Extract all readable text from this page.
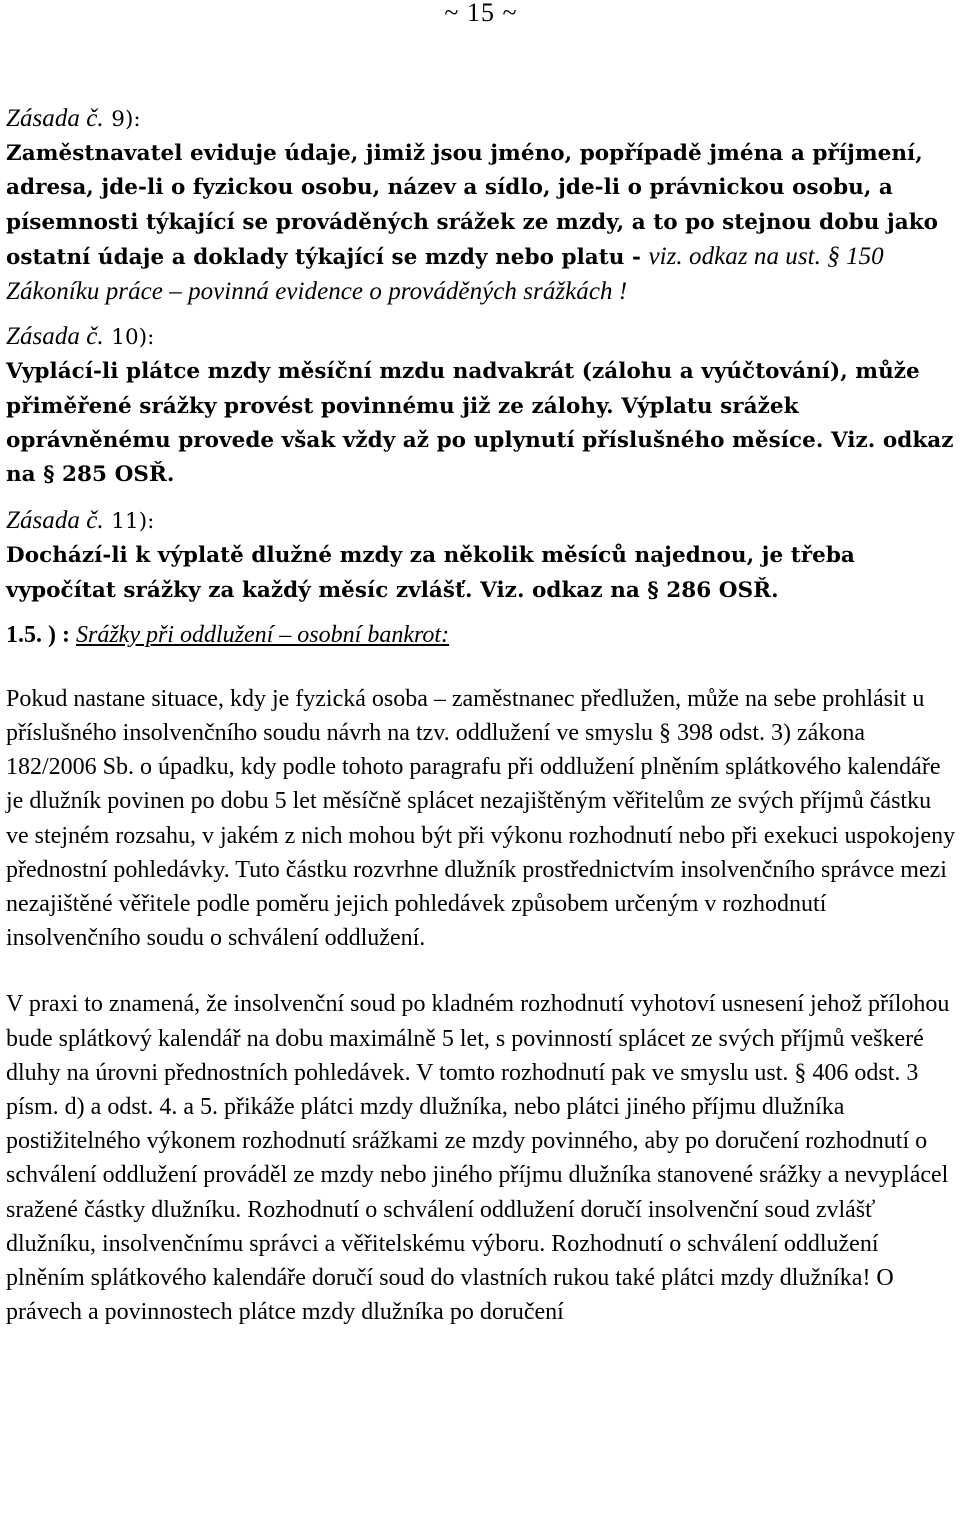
~ 15 ~
Zásada č. 9):
Zaměstnavatel eviduje údaje, jimiž jsou jméno, popřípadě jména a příjmení, adresa, jde-li o fyzickou osobu, název a sídlo, jde-li o právnickou osobu, a písemnosti týkající se prováděných srážek ze mzdy, a to po stejnou dobu jako ostatní údaje a doklady týkající se mzdy nebo platu - viz. odkaz na ust. § 150 Zákoníku práce – povinná evidence o prováděných srážkách !
Zásada č. 10):
Vyplácí-li plátce mzdy měsíční mzdu nadvakrát (zálohu a vyúčtování), může přiměřené srážky provést povinnému již ze zálohy. Výplatu srážek oprávněnému provede však vždy až po uplynutí příslušného měsíce. Viz. odkaz na § 285 OSŘ.
Zásada č. 11):
Dochází-li k výplatě dlužné mzdy za několik měsíců najednou, je třeba vypočítat srážky za každý měsíc zvlášť. Viz. odkaz na § 286 OSŘ.
1.5. ) : Srážky při oddlužení – osobní bankrot:

Pokud nastane situace, kdy je fyzická osoba – zaměstnanec předlužen, může na sebe prohlásit u příslušného insolvenčního soudu návrh na tzv. oddlužení ve smyslu § 398 odst. 3) zákona 182/2006 Sb. o úpadku, kdy podle tohoto paragrafu při oddlužení plněním splátkového kalendáře je dlužník povinen po dobu 5 let měsíčně splácet nezajištěným věřitelům ze svých příjmů částku ve stejném rozsahu, v jakém z nich mohou být při výkonu rozhodnutí nebo při exekuci uspokojeny přednostní pohledávky. Tuto částku rozvrhne dlužník prostřednictvím insolvenčního správce mezi nezajištěné věřitele podle poměru jejich pohledávek způsobem určeným v rozhodnutí insolvenčního soudu o schválení oddlužení.

V praxi to znamená, že insolvenční soud po kladném rozhodnutí vyhotoví usnesení jehož přílohou bude splátkový kalendář na dobu maximálně 5 let, s povinností splácet ze svých příjmů veškeré dluhy na úrovni přednostních pohledávek. V tomto rozhodnutí pak ve smyslu ust. § 406 odst. 3 písm. d) a odst. 4. a 5. přikáže plátci mzdy dlužníka, nebo plátci jiného příjmu dlužníka postižitelného výkonem rozhodnutí srážkami ze mzdy povinného, aby po doručení rozhodnutí o schválení oddlužení prováděl ze mzdy nebo jiného příjmu dlužníka stanovené srážky a nevyplácel sražené částky dlužníku. Rozhodnutí o schválení oddlužení doručí insolvenční soud zvlášť dlužníku, insolvenčnímu správci a věřitelskému výboru. Rozhodnutí o schválení oddlužení plněním splátkového kalendáře doručí soud do vlastních rukou také plátci mzdy dlužníka! O právech a povinnostech plátce mzdy dlužníka po doručení
